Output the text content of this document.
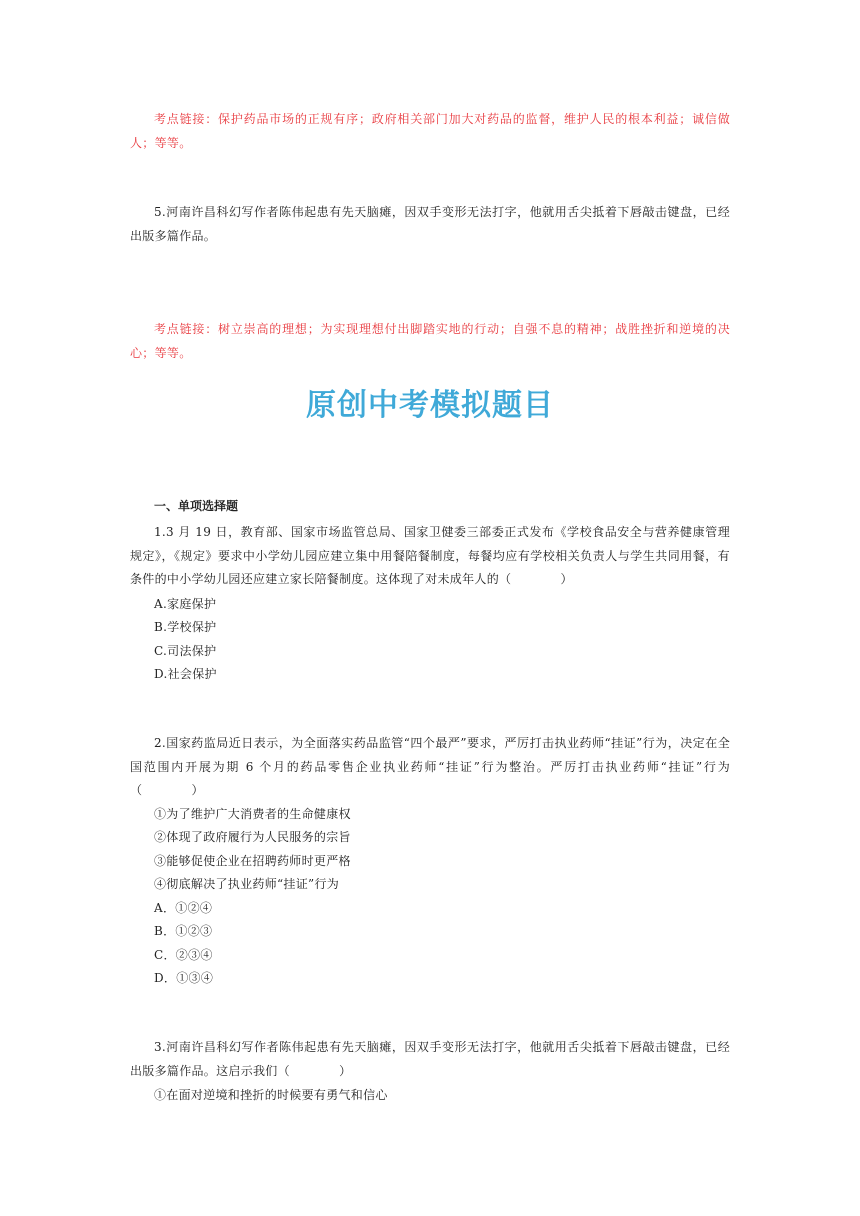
考点链接：保护药品市场的正规有序；政府相关部门加大对药品的监督，维护人民的根本利益；诚信做人；等等。
5.河南许昌科幻写作者陈伟起患有先天脑瘫，因双手变形无法打字，他就用舌尖抵着下唇敲击键盘，已经出版多篇作品。
考点链接：树立崇高的理想；为实现理想付出脚踏实地的行动；自强不息的精神；战胜挫折和逆境的决心；等等。
原创中考模拟题目
一、单项选择题
1.3 月 19 日，教育部、国家市场监管总局、国家卫健委三部委正式发布《学校食品安全与营养健康管理规定》，《规定》要求中小学幼儿园应建立集中用餐陪餐制度，每餐均应有学校相关负责人与学生共同用餐，有条件的中小学幼儿园还应建立家长陪餐制度。这体现了对未成年人的（　　　　）
A.家庭保护
B.学校保护
C.司法保护
D.社会保护
2.国家药监局近日表示，为全面落实药品监管“四个最严”要求，严厉打击执业药师“挂证”行为，决定在全国范围内开展为期 6 个月的药品零售企业执业药师“挂证”行为整治。严厉打击执业药师“挂证”行为（　　　　）
①为了维护广大消费者的生命健康权
②体现了政府履行为人民服务的宗旨
③能够促使企业在招聘药师时更严格
④彻底解决了执业药师“挂证”行为
A．①②④
B．①②③
C．②③④
D．①③④
3.河南许昌科幻写作者陈伟起患有先天脑瘫，因双手变形无法打字，他就用舌尖抵着下唇敲击键盘，已经出版多篇作品。这启示我们（　　　　）
①在面对逆境和挫折的时候要有勇气和信心
